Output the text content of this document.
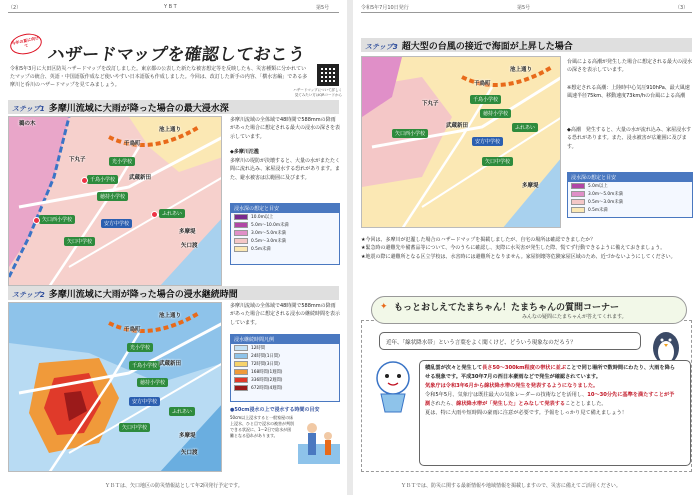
（2）	Y B T	第5号
今年の夏に向けて	ハザードマップを確認しておこう
令和5年3月に大田区防災ハザードマップを改訂しました。東京都の公表した新たな被害想定等を反映したも、災害種類に分かれていたマップの統合、英語・中国語版作成など使いやすい日本語版も作成しました。今回は、改訂した新手の内容、「横水害編」である多摩川と呑川のハザードマップを見てみましょう。
ハザードマップについて詳しく見てみたい方はQRコードから
ステップ1 多摩川流域に大雨が降った場合の最大浸水深
鵜の木
千鳥町
池上通り
下丸子
千鳥小学校
徳持小学校
武蔵新田
矢口西小学校
安方中学校
矢口中学校
ふれあい
多摩堤
矢口渡
光小学校
多摩川流域の全体域で48時間で588mmの降雨があった場合に想定される最大の浸水の深さを表示しています。
◆多摩川氾濫
多摩川の堤防が決壊すると、大量の水がまたたく間に流れ込み、家屋浸水する恐れがあります。また、避水被害は広範囲に及びます。
浸水深の想定と目安
10.0m以上
5.0m～10.0m未満
3.0m～5.0m未満
0.5m～3.0m未満
0.5m未満
ステップ2 多摩川流域に大雨が降った場合の浸水継続時間
千鳥町
池上通り
光小学校
千鳥小学校
徳持小学校
武蔵新田
安方中学校
矢口中学校
ふれあい
多摩堤
矢口渡
多摩川流域の全体域で48時間で588mmの降雨があった場合に想定される浸水の継続時間を表示しています。
浸水継続時間凡例
12時間
24時間(1日間)
72時間(3日間)
168時間(1週間)
336時間(2週間)
672時間(4週間)
●50cm浸水の上で浸水する時間の目安
50cm以上浸水すると一般家屋の床上浸水、ひと目で浸水の被害が判別できる状況に、1～2日で給水が困難となる恐れがあります。
ＹＢＴは、矢口地区の防災情報誌として年2回発行予定です。
令和5年7月10日発行	第5号	（3）
ステップ3 超大型の台風の接近で海面が上昇した場合
千鳥町
池上通り
下丸子
千鳥小学校
徳持小学校
武蔵新田
矢口西小学校
安方中学校
矢口中学校
ふれあい
多摩堤
台風による高潮が発生した場合に想定される最大の浸水の深さを表示しています。
※想定される高潮：上陸時中心気圧910hPa、最大風速風速半径75km、移動速度73km/hの台風による高潮
◆高潮　発生すると、大量の水が流れ込み、家屋浸水する恐れがあります。また、浸水被害が広範囲に及びます。
浸水深の想定と目安
5.0m以上
3.0m～5.0m未満
0.5m～3.0m未満
0.5m未満
★今回は、多摩川が氾濫した場合のハザードマップを掲載しましたが、自宅の場所は確認できましたか？
★緊急時の避難先や備蓄品等について、今のうちに確認し、実際に水災害が発生した際、慌てず行動できるように備えておきましょう。
★地震の際に避難所となる区立学校は、水害時には避難所となりません。家屋倒壊等危険家屋区域のため、近づかないようにしてください。
✦ もっとおしえてたまちゃん！たまちゃんの質問コーナー
みんなの疑問にたまちゃんが答えてくれます。
近年、「線状降水帯」という言葉をよく聞くけど、どういう現象なのだろう？
積乱雲が次々と発生して長さ50～300km程度の帯状に並ぶことで同じ場所で数時間にわたり、大雨を降らせる現象です。平成30年7月の西日本豪雨などで発生が確認されています。
気象庁は令和3年6月から線状降水帯の発生を発表するようになりました。
令和5年5月、気象庁は既往最大の気象レーダーの技術などを活用し、10～30分先に基準を満たすことが予測されたら、線状降水帯が「発生した」とみなして発表することとしました。
夏は、特に大雨や短時間の豪雨に注意が必要です。予報をしっかり見て備えましょう！
ＹＢＴでは、防災に関する最新情報や地域情報を掲載しますので、災害に備えてご活用ください。
